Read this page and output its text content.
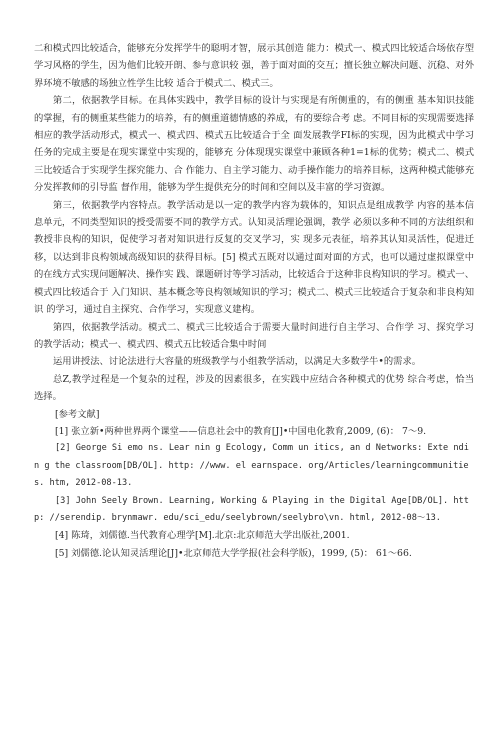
二和模式四比较适合，能够充分发挥学牛的聪明才智，展示其创造 能力：模式一、模式四比较适合场依存型学习风格的学生，因为他们比较开朗、参与意识较 强，善于面对面的交互；擅长独立解决问题、沉稳、对外界环境不敏感的场独立性学生比较 适合于模式二、模式三。

第二，依据教学目标。在具体实践中，教学目标的设计与实现是有所侧重的，有的侧重 基本知识技能的掌握，有的侧重某些能力的培养，有的侧重道德情感的养成，有的要综合考 虑。不同目标的实现需要选择相应的教学活动形式，模式一、模式四、模式五比较适合于全 面发展教学FI标的实现，因为此模式中学习任务的完成主要是在现实课堂中实现的，能够充 分体现现实课堂中兼顾各种1=1标的优势；模式二、模式三比较适合于实现学生探究能力、合 作能力、自主学习能力、动手操作能力的培养目标，这两种模式能够充分发挥教师的引导监 督作用，能够为学生提供充分的时间和空间以及丰富的学习资源。

第三，依据教学内容特点。教学活动是以一定的教学内容为载体的，知识点是组成教学 内容的基本信息单元，不同类型知识的授受需要不同的教学方式。认知灵活理论强调，教学 必须以多种不同的方法组织和教授非良构的知识，促使学习者对知识进行反复的交叉学习，实 现多元表征，培养其认知灵活性，促进迁移，以达到非良构领域高级知识的获得目标。[5] 模式五既对以通过面对面的方式，也可以通过虚拟课堂中的在线方式实现问题解决、操作实 践、课题研讨等学习活动，比较适合于这种非良构知识的学习。模式一、模式四比较适合于 入门知识、基本概念等良构领域知识的学习；模式二、模式三比较适合于复杂和非良构知识 的学习，通过自主探究、合作学习，实现意义建构。

第四，依据教学活动。模式二、模式三比较适合于需要大量时间进行自主学习、合作学 习、探究学习的教学活动；模式一、模式四、模式五比较适合集中时间

运用讲授法、讨论法进行大容量的班级教学与小组教学活动，以满足大多数学牛•的需求。

总Z,教学过程是一个复杂的过程，涉及的因素很多，在实践中应结合各种模式的优势 综合考虑，恰当选择。

[参考文献]

[1] 张立新•两种世界两个课堂——信息社会中的教育[J]•中国电化教育,2009, (6)： 7〜9.

[2] George Si emo ns. Lear nin g Ecology, Comm un itics, an d Networks: Exte ndin g the classroom[DB/OL]. http: //www. el earnspace. org/Articles/learningcommunities. htm, 2012-08-13.

[3] John Seely Brown. Learning, Working & Playing in the Digital Age[DB/OL]. http: //serendip. brynmawr. edu/sci_edu/seelybrown/seelybro\vn. html, 2012-08〜13.

[4] 陈琦，刘儒德.当代教育心理学[M].北京:北京师范大学出版社,2001.

[5] 刘儒德.论认知灵活理论[J]•北京师范大学学报(社会科学版)，1999, (5)： 61〜66.
